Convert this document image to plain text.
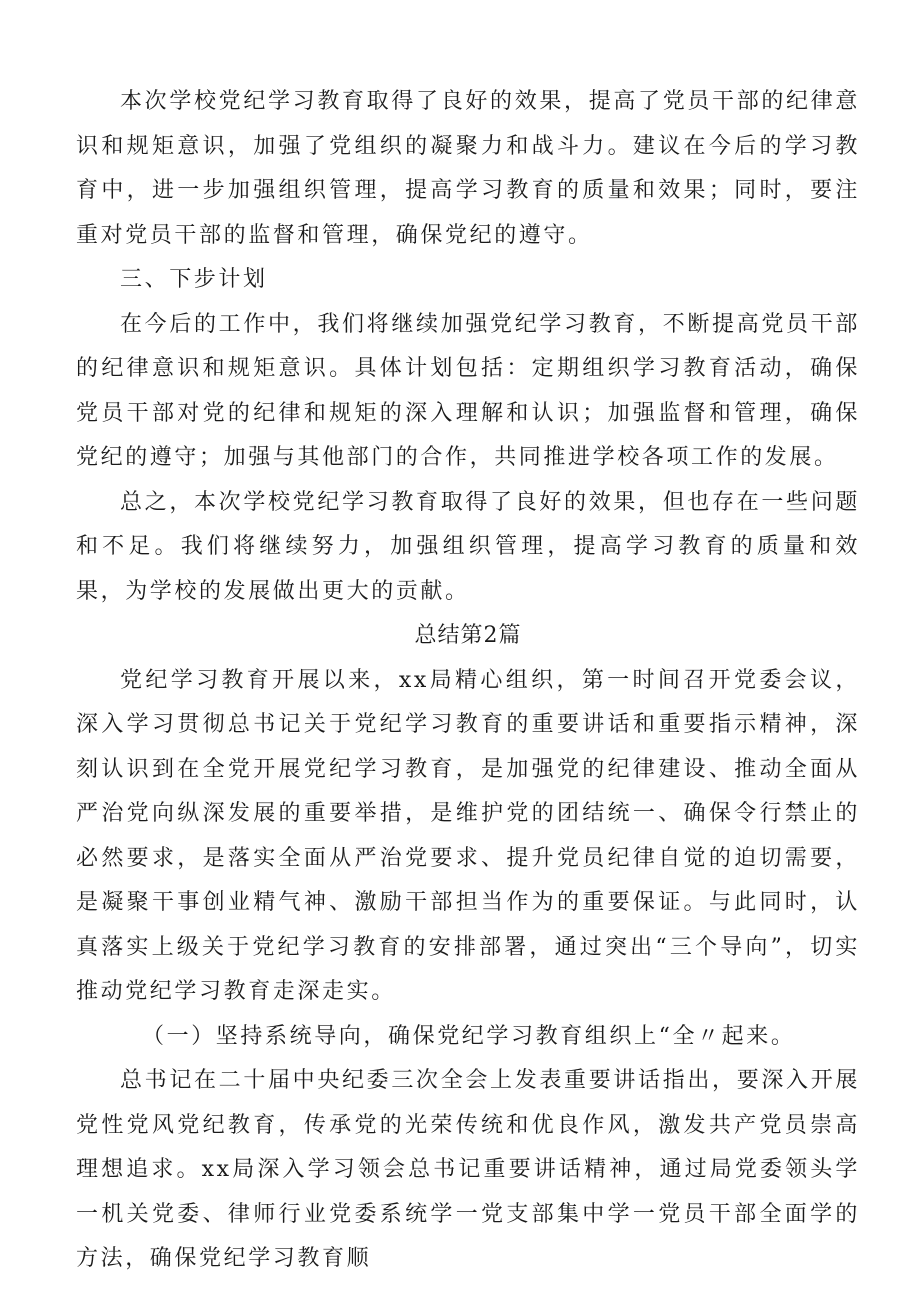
本次学校党纪学习教育取得了良好的效果，提高了党员干部的纪律意识和规矩意识，加强了党组织的凝聚力和战斗力。建议在今后的学习教育中，进一步加强组织管理，提高学习教育的质量和效果；同时，要注重对党员干部的监督和管理，确保党纪的遵守。

三、下步计划

在今后的工作中，我们将继续加强党纪学习教育，不断提高党员干部的纪律意识和规矩意识。具体计划包括：定期组织学习教育活动，确保党员干部对党的纪律和规矩的深入理解和认识；加强监督和管理，确保党纪的遵守；加强与其他部门的合作，共同推进学校各项工作的发展。

总之，本次学校党纪学习教育取得了良好的效果，但也存在一些问题和不足。我们将继续努力，加强组织管理，提高学习教育的质量和效果，为学校的发展做出更大的贡献。

总结第2篇

党纪学习教育开展以来，xx局精心组织，第一时间召开党委会议，深入学习贯彻总书记关于党纪学习教育的重要讲话和重要指示精神，深刻认识到在全党开展党纪学习教育，是加强党的纪律建设、推动全面从严治党向纵深发展的重要举措，是维护党的团结统一、确保令行禁止的必然要求，是落实全面从严治党要求、提升党员纪律自觉的迫切需要，是凝聚干事创业精气神、激励干部担当作为的重要保证。与此同时，认真落实上级关于党纪学习教育的安排部署，通过突出“三个导向”，切实推动党纪学习教育走深走实。

（一）坚持系统导向，确保党纪学习教育组织上“全〃起来。

总书记在二十届中央纪委三次全会上发表重要讲话指出，要深入开展党性党风党纪教育，传承党的光荣传统和优良作风，激发共产党员崇高理想追求。xx局深入学习领会总书记重要讲话精神，通过局党委领头学一机关党委、律师行业党委系统学一党支部集中学一党员干部全面学的方法，确保党纪学习教育顺
